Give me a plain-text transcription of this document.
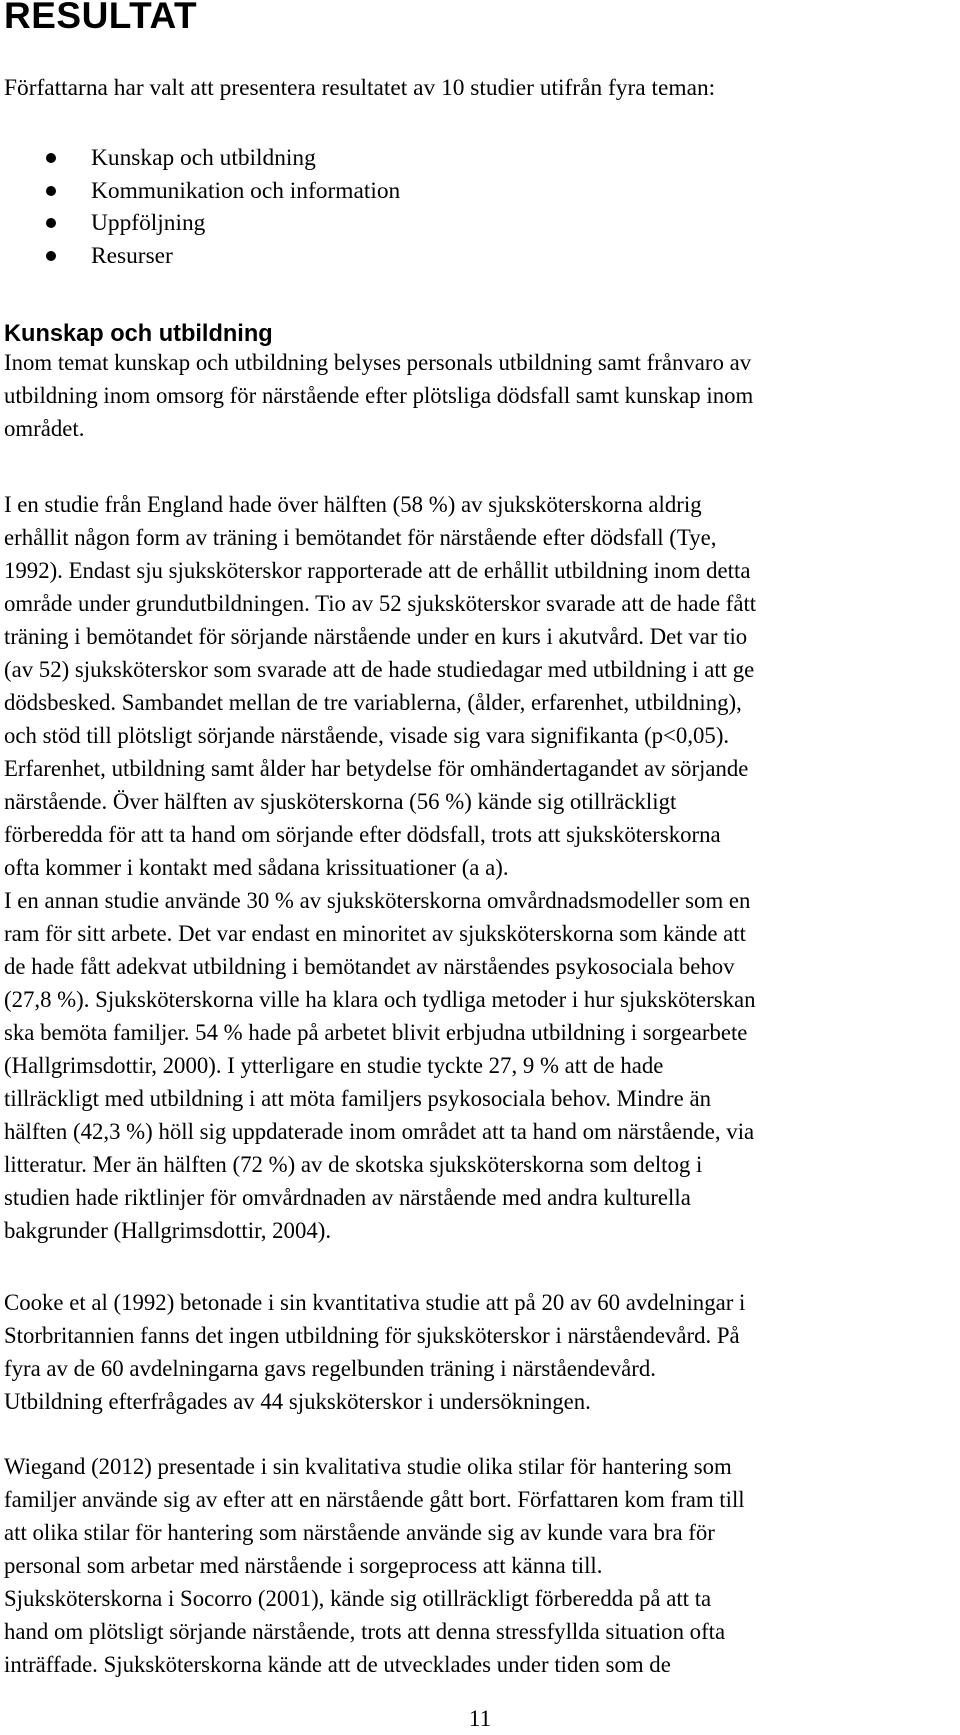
RESULTAT

Författarna har valt att presentera resultatet av 10 studier utifrån fyra teman:

Kunskap och utbildning
Kommunikation och information
Uppföljning
Resurser
Kunskap och utbildning
Inom temat kunskap och utbildning belyses personals utbildning samt frånvaro av
utbildning inom omsorg för närstående efter plötsliga dödsfall samt kunskap inom
området.
I en studie från England hade över hälften (58 %) av sjuksköterskorna aldrig
erhållit någon form av träning i bemötandet för närstående efter dödsfall (Tye,
1992). Endast sju sjuksköterskor rapporterade att de erhållit utbildning inom detta
område under grundutbildningen. Tio av 52 sjuksköterskor svarade att de hade fått
träning i bemötandet för sörjande närstående under en kurs i akutvård. Det var tio
(av 52) sjuksköterskor som svarade att de hade studiedagar med utbildning i att ge
dödsbesked. Sambandet mellan de tre variablerna, (ålder, erfarenhet, utbildning),
och stöd till plötsligt sörjande närstående, visade sig vara signifikanta (p<0,05).
Erfarenhet, utbildning samt ålder har betydelse för omhändertagandet av sörjande
närstående. Över hälften av sjusköterskorna (56 %) kände sig otillräckligt
förberedda för att ta hand om sörjande efter dödsfall, trots att sjuksköterskorna
ofta kommer i kontakt med sådana krissituationer (a a).
I en annan studie använde 30 % av sjuksköterskorna omvårdnadsmodeller som en
ram för sitt arbete. Det var endast en minoritet av sjuksköterskorna som kände att
de hade fått adekvat utbildning i bemötandet av närståendes psykosociala behov
(27,8 %). Sjuksköterskorna ville ha klara och tydliga metoder i hur sjuksköterskan
ska bemöta familjer. 54 % hade på arbetet blivit erbjudna utbildning i sorgearbete
(Hallgrimsdottir, 2000). I ytterligare en studie tyckte 27, 9 % att de hade
tillräckligt med utbildning i att möta familjers psykosociala behov. Mindre än
hälften (42,3 %) höll sig uppdaterade inom området att ta hand om närstående, via
litteratur. Mer än hälften (72 %) av de skotska sjuksköterskorna som deltog i
studien hade riktlinjer för omvårdnaden av närstående med andra kulturella
bakgrunder (Hallgrimsdottir, 2004).
Cooke et al (1992) betonade i sin kvantitativa studie att på 20 av 60 avdelningar i
Storbritannien fanns det ingen utbildning för sjuksköterskor i närståendevård. På
fyra av de 60 avdelningarna gavs regelbunden träning i närståendevård.
Utbildning efterfrågades av 44 sjuksköterskor i undersökningen.
Wiegand (2012) presentade i sin kvalitativa studie olika stilar för hantering som
familjer använde sig av efter att en närstående gått bort. Författaren kom fram till
att olika stilar för hantering som närstående använde sig av kunde vara bra för
personal som arbetar med närstående i sorgeprocess att känna till.
Sjuksköterskorna i Socorro (2001), kände sig otillräckligt förberedda på att ta
hand om plötsligt sörjande närstående, trots att denna stressfyllda situation ofta
inträffade. Sjuksköterskorna kände att de utvecklades under tiden som de
11
